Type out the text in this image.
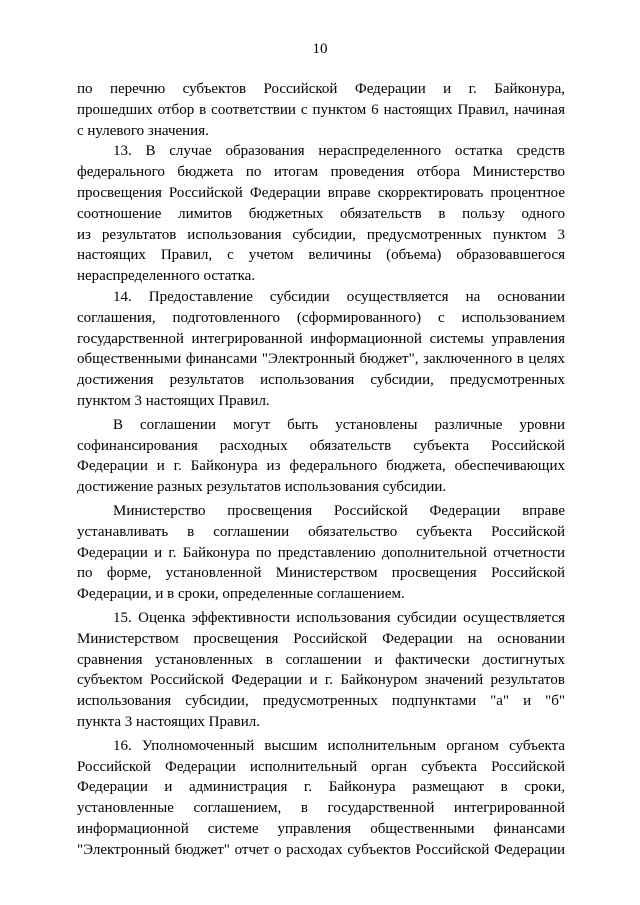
10
по перечню субъектов Российской Федерации и г. Байконура,
прошедших отбор в соответствии с пунктом 6 настоящих Правил, начиная
с нулевого значения.
13. В случае образования нераспределенного остатка средств
федерального бюджета по итогам проведения отбора Министерство
просвещения Российской Федерации вправе скорректировать процентное
соотношение лимитов бюджетных обязательств в пользу одного
из результатов использования субсидии, предусмотренных пунктом 3
настоящих Правил, с учетом величины (объема) образовавшегося
нераспределенного остатка.
14. Предоставление субсидии осуществляется на основании
соглашения, подготовленного (сформированного) с использованием
государственной интегрированной информационной системы управления
общественными финансами "Электронный бюджет", заключенного в целях
достижения результатов использования субсидии, предусмотренных
пунктом 3 настоящих Правил.
В соглашении могут быть установлены различные уровни
софинансирования расходных обязательств субъекта Российской
Федерации и г. Байконура из федерального бюджета, обеспечивающих
достижение разных результатов использования субсидии.
Министерство просвещения Российской Федерации вправе
устанавливать в соглашении обязательство субъекта Российской
Федерации и г. Байконура по представлению дополнительной отчетности
по форме, установленной Министерством просвещения Российской
Федерации, и в сроки, определенные соглашением.
15. Оценка эффективности использования субсидии осуществляется
Министерством просвещения Российской Федерации на основании
сравнения установленных в соглашении и фактически достигнутых
субъектом Российской Федерации и г. Байконуром значений результатов
использования субсидии, предусмотренных подпунктами "а" и "б"
пункта 3 настоящих Правил.
16. Уполномоченный высшим исполнительным органом субъекта
Российской Федерации исполнительный орган субъекта Российской
Федерации и администрация г. Байконура размещают в сроки,
установленные соглашением, в государственной интегрированной
информационной системе управления общественными финансами
"Электронный бюджет" отчет о расходах субъектов Российской Федерации
